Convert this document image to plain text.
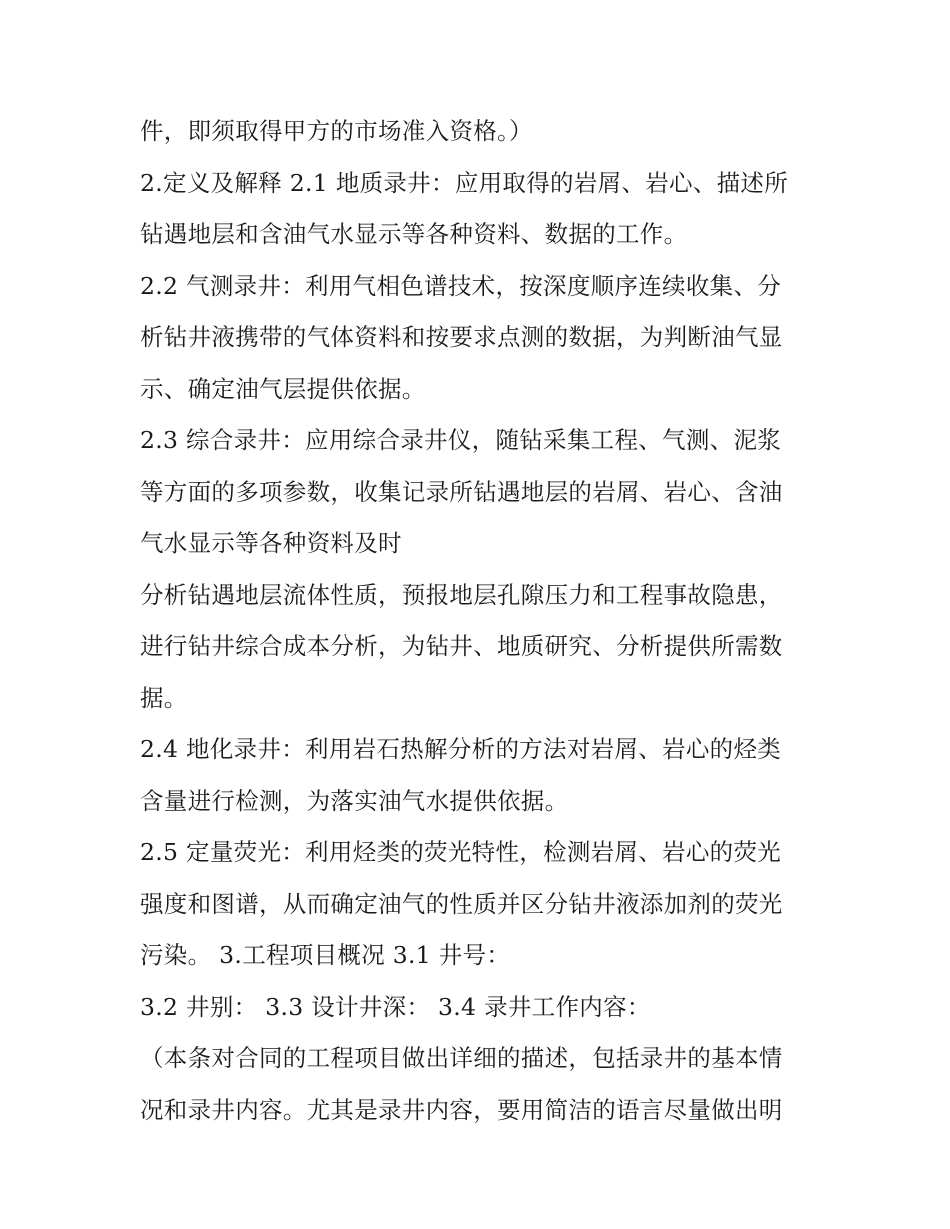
件，即须取得甲方的市场准入资格。）
2.定义及解释 2.1 地质录井：应用取得的岩屑、岩心、描述所
钻遇地层和含油气水显示等各种资料、数据的工作。
2.2 气测录井：利用气相色谱技术，按深度顺序连续收集、分
析钻井液携带的气体资料和按要求点测的数据，为判断油气显
示、确定油气层提供依据。
2.3 综合录井：应用综合录井仪，随钻采集工程、气测、泥浆
等方面的多项参数，收集记录所钻遇地层的岩屑、岩心、含油
气水显示等各种资料及时
分析钻遇地层流体性质，预报地层孔隙压力和工程事故隐患，
进行钻井综合成本分析，为钻井、地质研究、分析提供所需数
据。
2.4 地化录井：利用岩石热解分析的方法对岩屑、岩心的烃类
含量进行检测，为落实油气水提供依据。
2.5 定量荧光：利用烃类的荧光特性，检测岩屑、岩心的荧光
强度和图谱，从而确定油气的性质并区分钻井液添加剂的荧光
污染。 3.工程项目概况 3.1 井号：
3.2 井别： 3.3 设计井深： 3.4 录井工作内容：
（本条对合同的工程项目做出详细的描述，包括录井的基本情
况和录井内容。尤其是录井内容，要用简洁的语言尽量做出明
